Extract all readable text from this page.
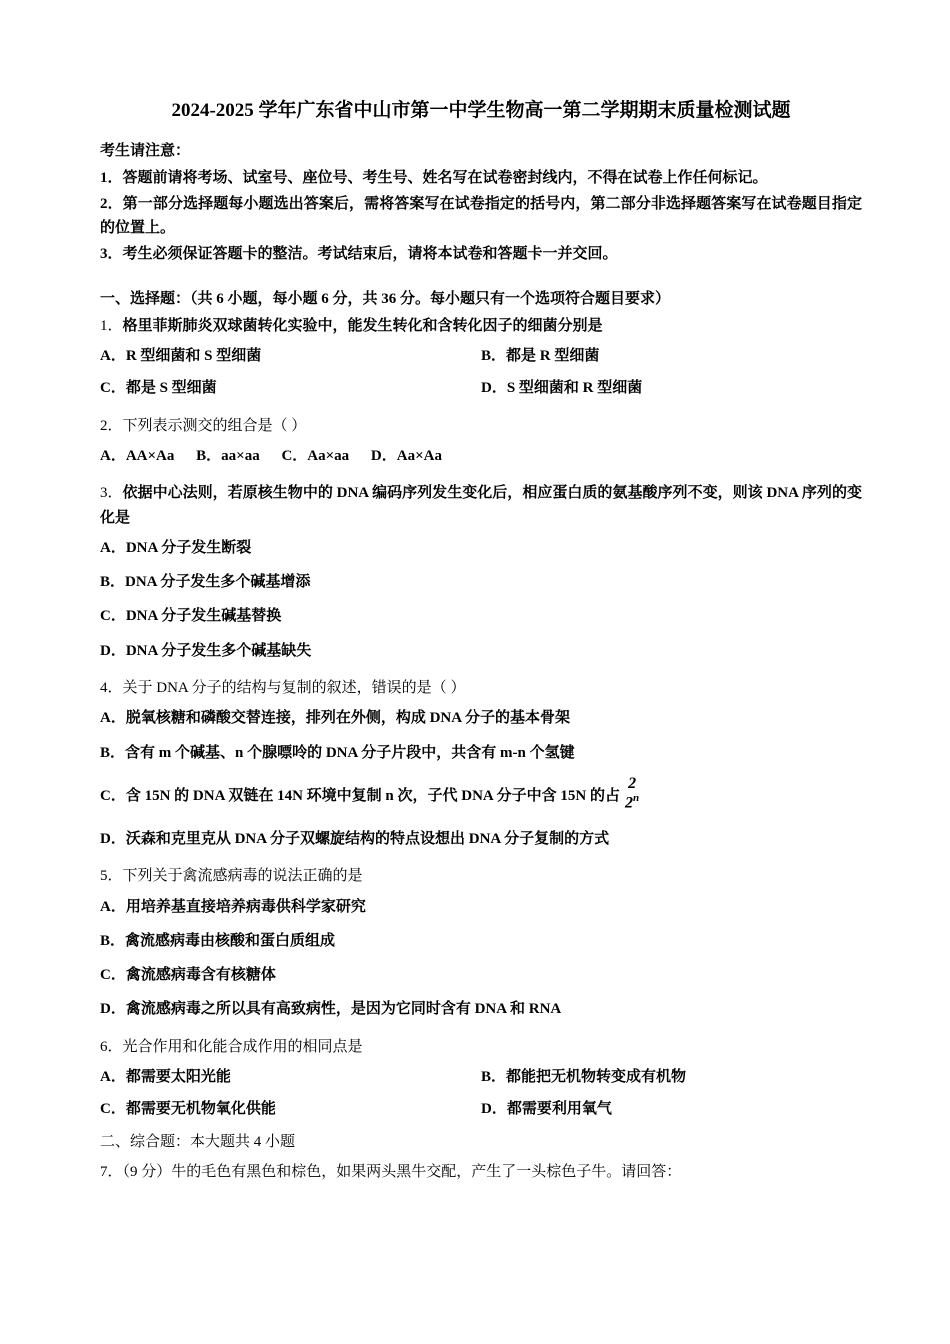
2024-2025 学年广东省中山市第一中学生物高一第二学期期末质量检测试题
考生请注意：
1．答题前请将考场、试室号、座位号、考生号、姓名写在试卷密封线内，不得在试卷上作任何标记。
2．第一部分选择题每小题选出答案后，需将答案写在试卷指定的括号内，第二部分非选择题答案写在试卷题目指定的位置上。
3．考生必须保证答题卡的整洁。考试结束后，请将本试卷和答题卡一并交回。
一、选择题：（共 6 小题，每小题 6 分，共 36 分。每小题只有一个选项符合题目要求）
1．格里菲斯肺炎双球菌转化实验中，能发生转化和含转化因子的细菌分别是
A．R 型细菌和 S 型细菌	B．都是 R 型细菌
C．都是 S 型细菌	D．S 型细菌和 R 型细菌
2．下列表示测交的组合是（ ）
A．AA×Aa B．aa×aa C．Aa×aa D．Aa×Aa
3．依据中心法则，若原核生物中的 DNA 编码序列发生变化后，相应蛋白质的氨基酸序列不变，则该 DNA 序列的变化是
A．DNA 分子发生断裂
B．DNA 分子发生多个碱基增添
C．DNA 分子发生碱基替换
D．DNA 分子发生多个碱基缺失
4．关于 DNA 分子的结构与复制的叙述，错误的是（ ）
A．脱氧核糖和磷酸交替连接，排列在外侧，构成 DNA 分子的基本骨架
B．含有 m 个碱基、n 个腺嘌呤的 DNA 分子片段中，共含有 m‐n 个氢键
C．含 15N 的 DNA 双链在 14N 环境中复制 n 次，子代 DNA 分子中含 15N 的占
2
2$^n$
D．沃森和克里克从 DNA 分子双螺旋结构的特点设想出 DNA 分子复制的方式
5．下列关于禽流感病毒的说法正确的是
A．用培养基直接培养病毒供科学家研究
B．禽流感病毒由核酸和蛋白质组成
C．禽流感病毒含有核糖体
D．禽流感病毒之所以具有高致病性，是因为它同时含有 DNA 和 RNA
6．光合作用和化能合成作用的相同点是
A．都需要太阳光能	B．都能把无机物转变成有机物
C．都需要无机物氧化供能	D．都需要利用氧气
二、综合题：本大题共 4 小题
7．（9 分）牛的毛色有黑色和棕色，如果两头黑牛交配，产生了一头棕色子牛。请回答：
